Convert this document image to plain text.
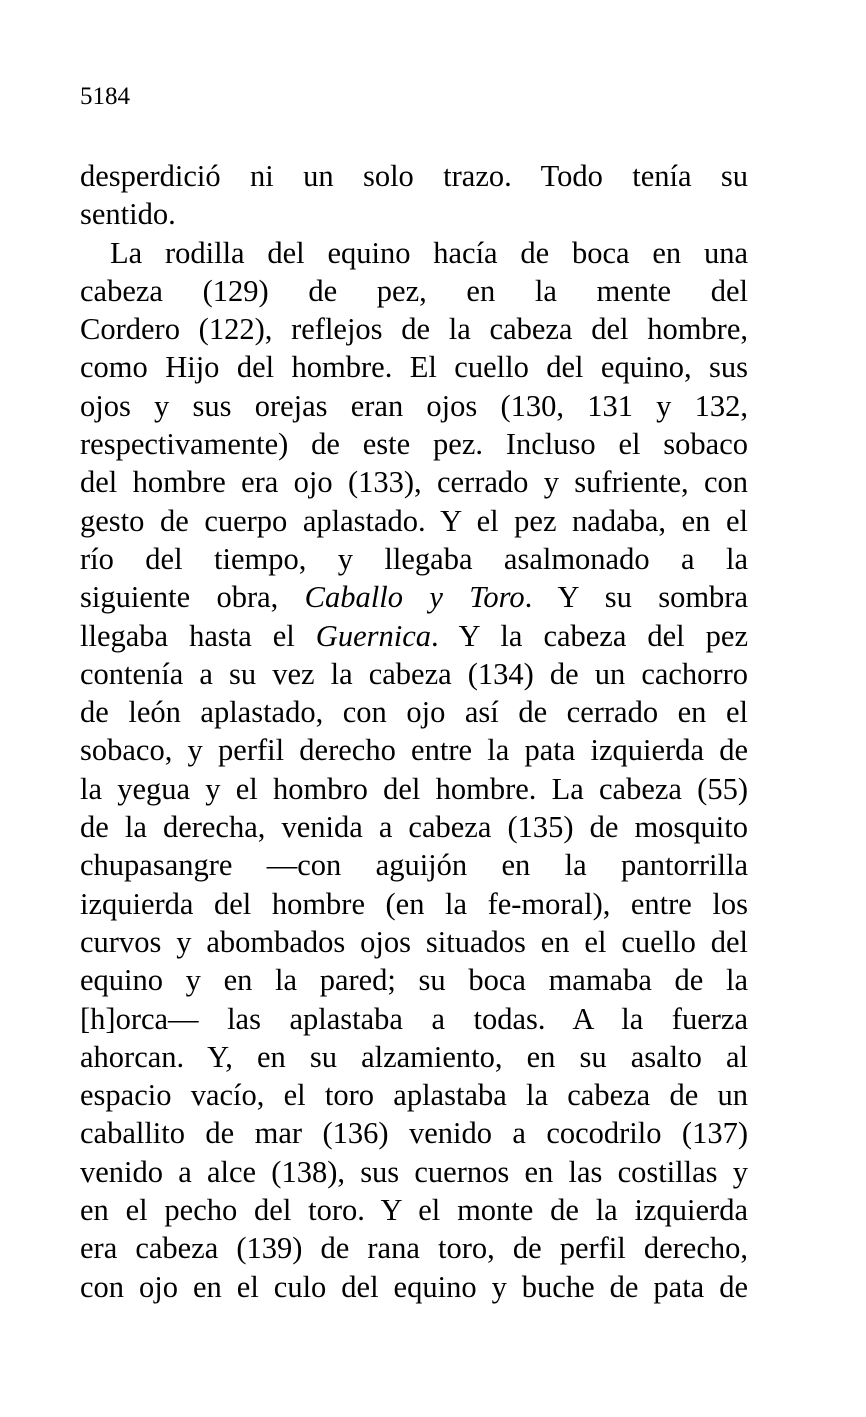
5184
desperdició ni un solo trazo. Todo tenía su
sentido.
La rodilla del equino hacía de boca en una
cabeza (129) de pez, en la mente del
Cordero (122), reflejos de la cabeza del hombre,
como Hijo del hombre. El cuello del equino, sus
ojos y sus orejas eran ojos (130, 131 y 132,
respectivamente) de este pez. Incluso el sobaco
del hombre era ojo (133), cerrado y sufriente, con
gesto de cuerpo aplastado. Y el pez nadaba, en el
río del tiempo, y llegaba asalmonado a la
siguiente obra, Caballo y Toro. Y su sombra
llegaba hasta el Guernica. Y la cabeza del pez
contenía a su vez la cabeza (134) de un cachorro
de león aplastado, con ojo así de cerrado en el
sobaco, y perfil derecho entre la pata izquierda de
la yegua y el hombro del hombre. La cabeza (55)
de la derecha, venida a cabeza (135) de mosquito
chupasangre —con aguijón en la pantorrilla
izquierda del hombre (en la fe-moral), entre los
curvos y abombados ojos situados en el cuello del
equino y en la pared; su boca mamaba de la
[h]orca— las aplastaba a todas. A la fuerza
ahorcan. Y, en su alzamiento, en su asalto al
espacio vacío, el toro aplastaba la cabeza de un
caballito de mar (136) venido a cocodrilo (137)
venido a alce (138), sus cuernos en las costillas y
en el pecho del toro. Y el monte de la izquierda
era cabeza (139) de rana toro, de perfil derecho,
con ojo en el culo del equino y buche de pata de
